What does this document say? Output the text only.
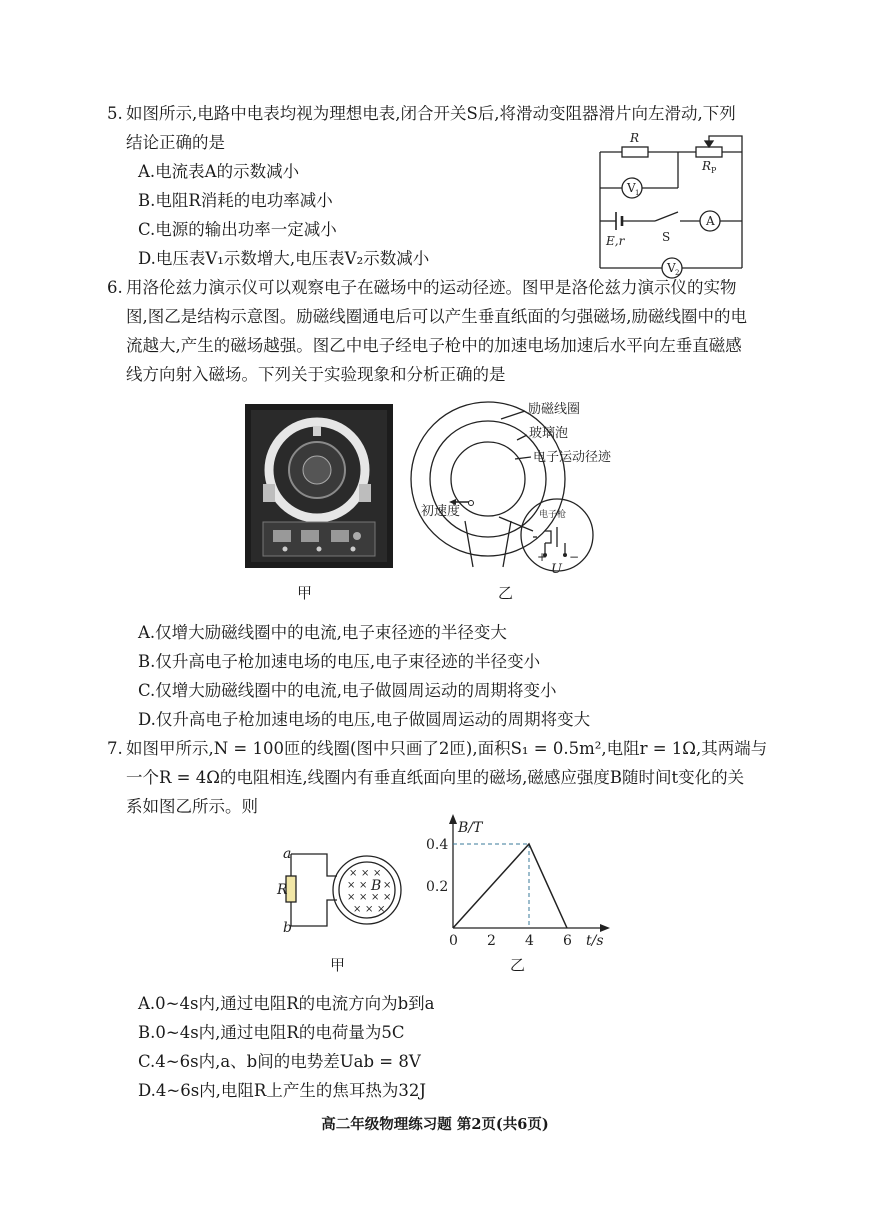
5. 如图所示,电路中电表均视为理想电表,闭合开关S后,将滑动变阻器滑片向左滑动,下列
结论正确的是
A.电流表A的示数减小
B.电阻R消耗的电功率减小
C.电源的输出功率一定减小
D.电压表V₁示数增大,电压表V₂示数减小
R
R P
V 1
A
S
E,r
V 2
6. 用洛伦兹力演示仪可以观察电子在磁场中的运动径迹。图甲是洛伦兹力演示仪的实物
图,图乙是结构示意图。励磁线圈通电后可以产生垂直纸面的匀强磁场,励磁线圈中的电
流越大,产生的磁场越强。图乙中电子经电子枪中的加速电场加速后水平向左垂直磁感
线方向射入磁场。下列关于实验现象和分析正确的是
甲
励磁线圈
玻璃泡
电子运动径迹
初速度	电子枪
+ −
U
乙
A.仅增大励磁线圈中的电流,电子束径迹的半径变大
B.仅升高电子枪加速电场的电压,电子束径迹的半径变小
C.仅增大励磁线圈中的电流,电子做圆周运动的周期将变小
D.仅升高电子枪加速电场的电压,电子做圆周运动的周期将变大
7. 如图甲所示,N = 100匝的线圈(图中只画了2匝),面积S₁ = 0.5m²,电阻r = 1Ω,其两端与
一个R = 4Ω的电阻相连,线圈内有垂直纸面向里的磁场,磁感应强度B随时间t变化的关
系如图乙所示。则
× × ×
× × ×
× × × ×
× × ×
a
R
b
B
甲
B/T
t/s
0 2 4 6
0.2
0.4
乙
A.0~4s内,通过电阻R的电流方向为b到a
B.0~4s内,通过电阻R的电荷量为5C
C.4~6s内,a、b间的电势差Uab = 8V
D.4~6s内,电阻R上产生的焦耳热为32J
高二年级物理练习题 第2页(共6页)
